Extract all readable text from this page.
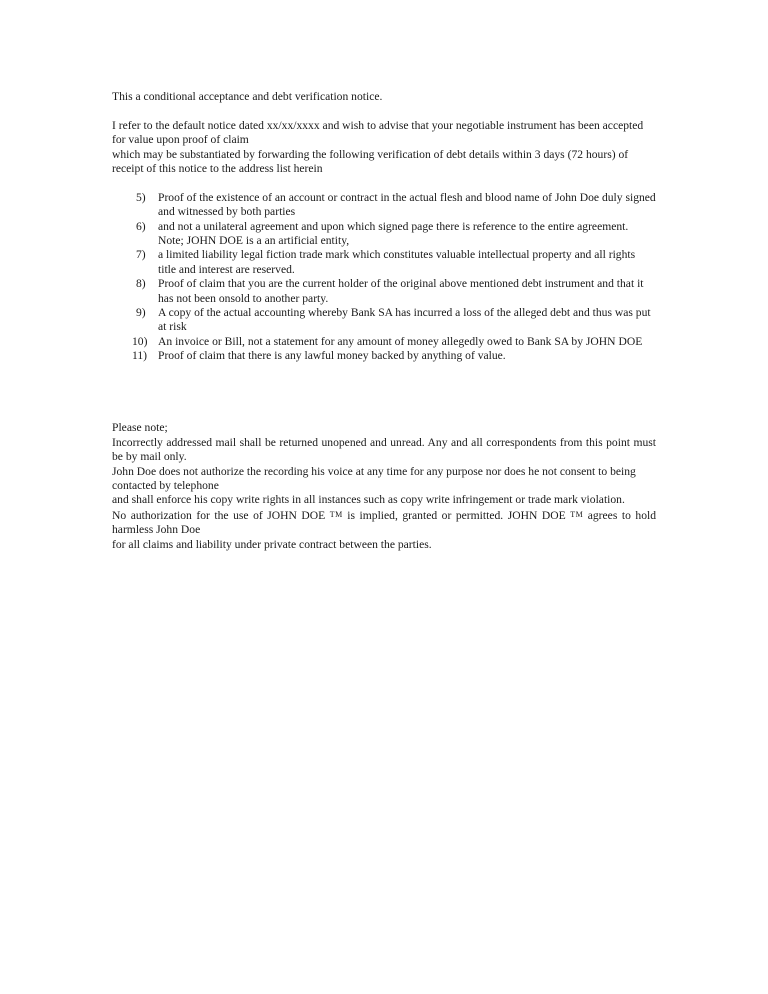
This a conditional acceptance and debt verification notice.

I refer to the default notice dated xx/xx/xxxx and wish to advise that your negotiable instrument has been accepted for value upon proof of claim

which may be substantiated by forwarding the following verification of debt details within 3 days (72 hours) of receipt of this notice to the address list herein

5)	Proof of the existence of an account or contract in the actual flesh and blood name of John Doe duly signed and witnessed by both parties
6)	and not a unilateral agreement and upon which signed page there is reference to the entire agreement. Note; JOHN DOE is a an artificial entity,
7)	a limited liability legal fiction trade mark which constitutes valuable intellectual property and all rights title and interest are reserved.
8)	Proof of claim that you are the current holder of the original above mentioned debt instrument and that it has not been onsold to another party.
9)	A copy of the actual accounting whereby Bank SA has incurred a loss of the alleged debt and thus was put at risk
10) An invoice or Bill, not a statement for any amount of money allegedly owed to Bank SA by JOHN DOE
11) Proof of claim that there is any lawful money backed by anything of value.

Please note;

Incorrectly addressed mail shall be returned unopened and unread. Any and all correspondents from this point must be by mail only.

John Doe does not authorize the recording his voice at any time for any purpose nor does he not consent to being contacted by telephone

and shall enforce his copy write rights in all instances such as copy write infringement or trade mark violation.

No authorization for the use of JOHN DOE TM is implied, granted or permitted. JOHN DOE TM agrees to hold harmless John Doe

for all claims and liability under private contract between the parties.
